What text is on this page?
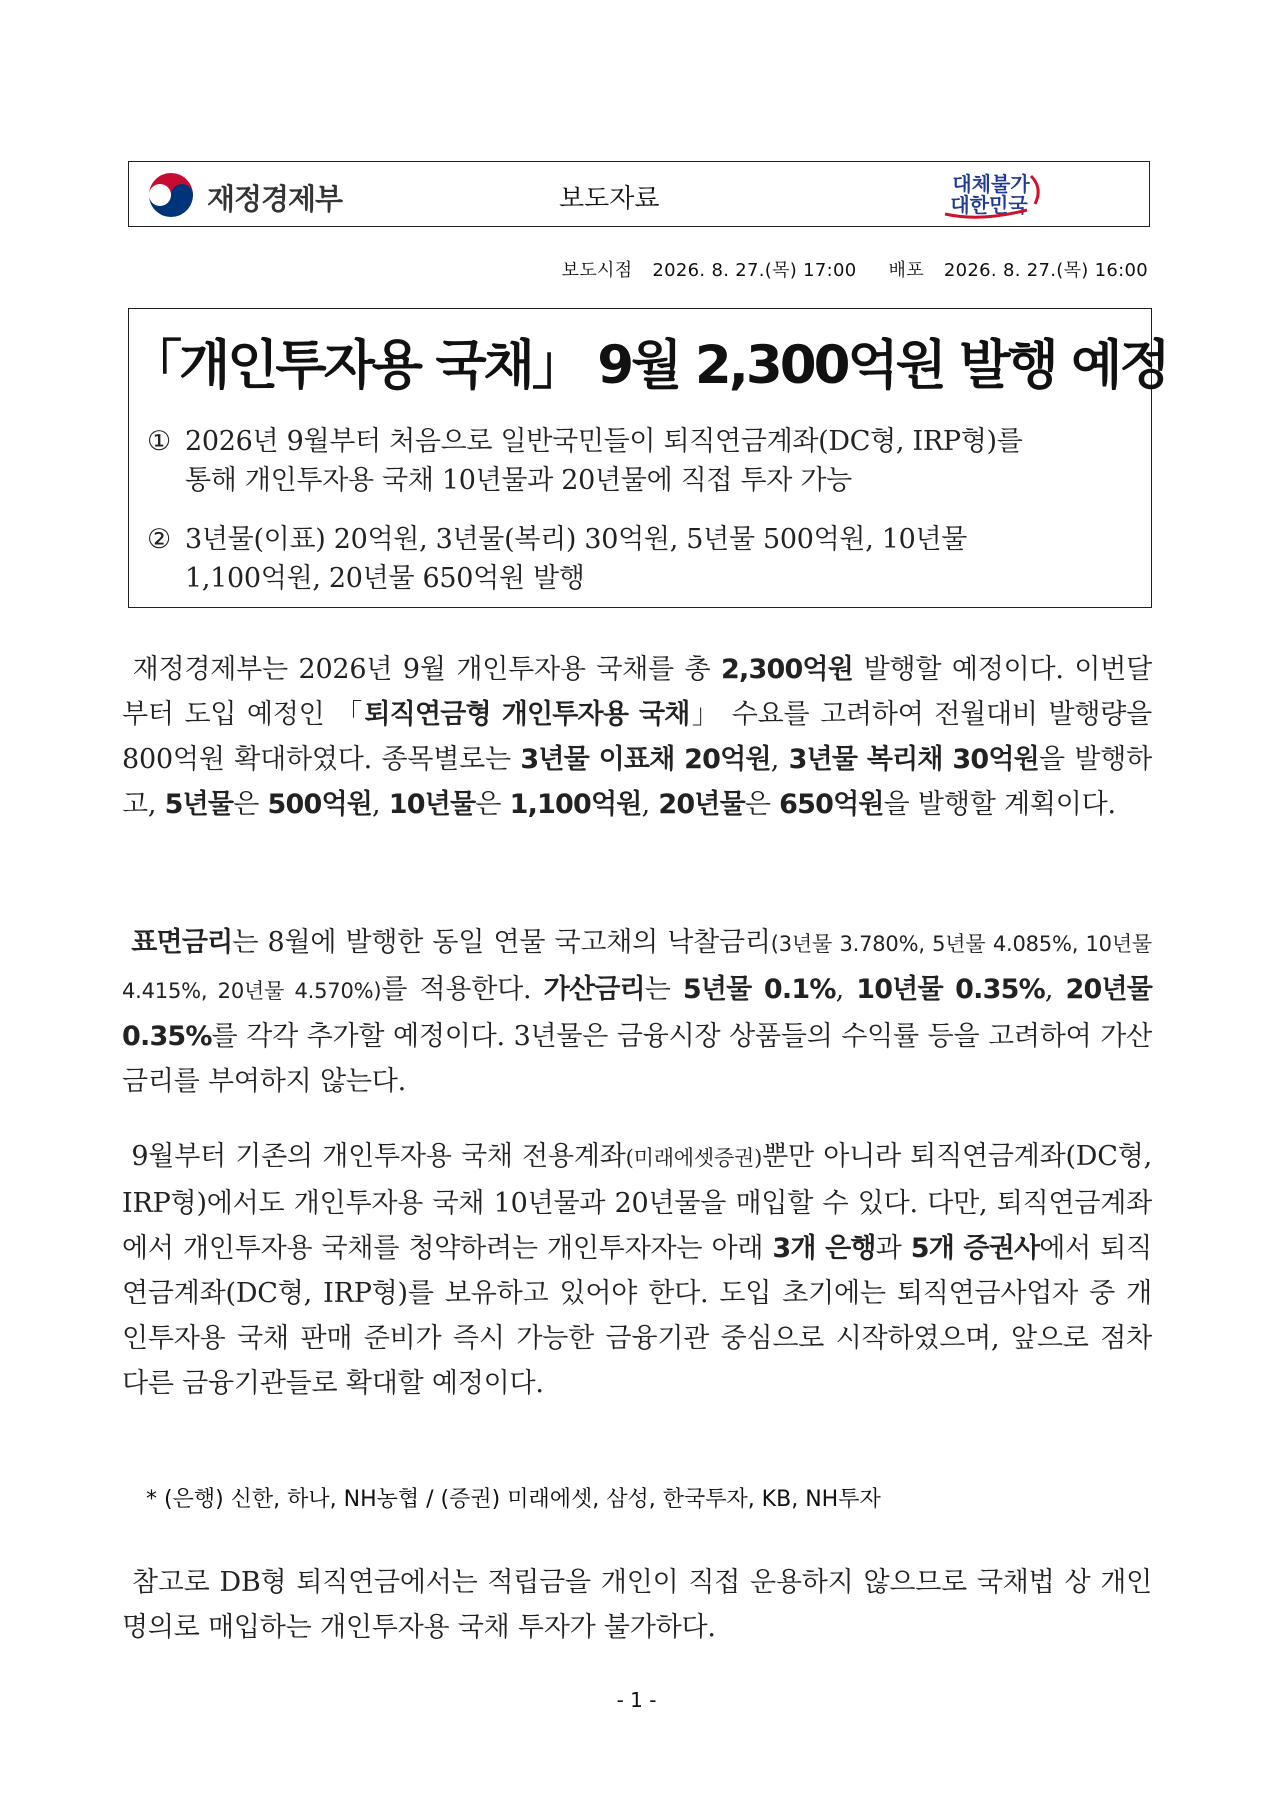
재정경제부	보도자료	대체불가
대한민국
보도시점 2026. 8. 27.(목) 17:00 배포 2026. 8. 27.(목) 16:00
「개인투자용 국채」 9월 2,300억원 발행 예정
① 2026년 9월부터 처음으로 일반국민들이 퇴직연금계좌(DC형, IRP형)를
통해 개인투자용 국채 10년물과 20년물에 직접 투자 가능
② 3년물(이표) 20억원, 3년물(복리) 30억원, 5년물 500억원, 10년물
1,100억원, 20년물 650억원 발행
재정경제부는 2026년 9월 개인투자용 국채를 총 2,300억원 발행할 예정이다. 이번달부터 도입 예정인 「퇴직연금형 개인투자용 국채」 수요를 고려하여 전월대비 발행량을 800억원 확대하였다. 종목별로는 3년물 이표채 20억원, 3년물 복리채 30억원을 발행하고, 5년물은 500억원, 10년물은 1,100억원, 20년물은 650억원을 발행할 계획이다.
표면금리는 8월에 발행한 동일 연물 국고채의 낙찰금리(3년물 3.780%, 5년물 4.085%, 10년물 4.415%, 20년물 4.570%)를 적용한다. 가산금리는 5년물 0.1%, 10년물 0.35%, 20년물 0.35%를 각각 추가할 예정이다. 3년물은 금융시장 상품들의 수익률 등을 고려하여 가산금리를 부여하지 않는다.
9월부터 기존의 개인투자용 국채 전용계좌(미래에셋증권)뿐만 아니라 퇴직연금계좌(DC형, IRP형)에서도 개인투자용 국채 10년물과 20년물을 매입할 수 있다. 다만, 퇴직연금계좌에서 개인투자용 국채를 청약하려는 개인투자자는 아래 3개 은행과 5개 증권사에서 퇴직연금계좌(DC형, IRP형)를 보유하고 있어야 한다. 도입 초기에는 퇴직연금사업자 중 개인투자용 국채 판매 준비가 즉시 가능한 금융기관 중심으로 시작하였으며, 앞으로 점차 다른 금융기관들로 확대할 예정이다.
* (은행) 신한, 하나, NH농협 / (증권) 미래에셋, 삼성, 한국투자, KB, NH투자
참고로 DB형 퇴직연금에서는 적립금을 개인이 직접 운용하지 않으므로 국채법 상 개인 명의로 매입하는 개인투자용 국채 투자가 불가하다.
- 1 -
